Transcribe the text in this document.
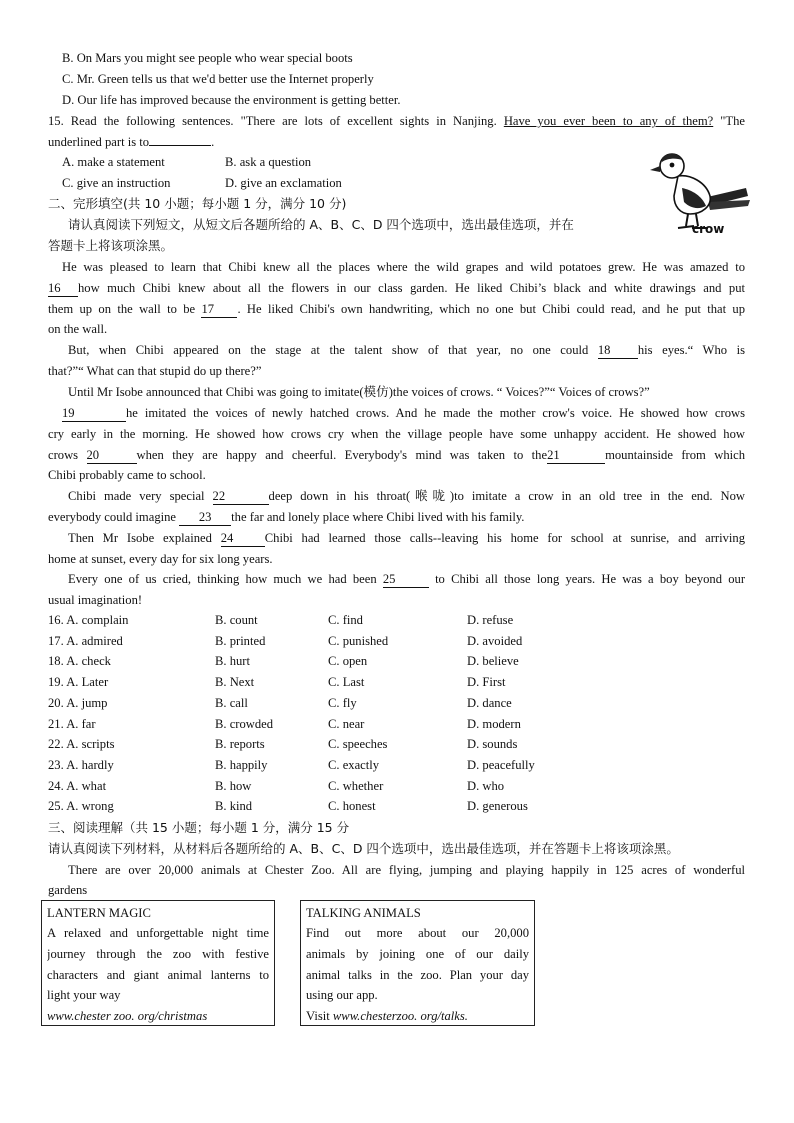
B. On Mars you might see people who wear special boots
C. Mr. Green tells us that we'd better use the Internet properly
D. Our life has improved because the environment is getting better.
15. Read the following sentences. "There are lots of excellent sights in Nanjing. Have you ever been to any of them? "The
underlined part is to	.
A. make a statement	B. ask a question
C. give an instruction	D. give an exclamation
二、完形填空(共 10 小题；每小题 1 分，满分 10 分)
请认真阅读下列短文，从短文后各题所给的 A、B、C、D 四个选项中，选出最佳选项，并在
答题卡上将该项涂黑。
crow
He was pleased to learn that Chibi knew all the places where the wild grapes and wild potatoes grew. He was amazed to
16 how much Chibi knew about all the flowers in our class garden. He liked Chibi’s black and white drawings and put
them up on the wall to be 17 . He liked Chibi's own handwriting, which no one but Chibi could read, and he put that up
on the wall.
But, when Chibi appeared on the stage at the talent show of that year, no one could 18 his eyes.“ Who is
that?”“ What can that stupid do up there?”
Until Mr Isobe announced that Chibi was going to imitate(模仿)the voices of crows. “ Voices?”“ Voices of crows?”
19	he imitated the voices of newly hatched crows. And he made the mother crow's voice. He showed how crows
cry early in the morning. He showed how crows cry when the village people have some unhappy accident. He showed how
crows 20	when they are happy and cheerful. Everybody's mind was taken to the21	mountainside from which
Chibi probably came to school.
Chibi made very special 22	deep down in his throat(喉咙)to imitate a crow in an old tree in the end. Now
everybody could imagine 23 the far and lonely place where Chibi lived with his family.
Then Mr Isobe explained 24 Chibi had learned those calls--leaving his home for school at sunrise, and arriving
home at sunset, every day for six long years.
Every one of us cried, thinking how much we had been 25	to Chibi all those long years. He was a boy beyond our
usual imagination!
16. A. complain	B. count	C. find	D. refuse
17. A. admired	B. printed	C. punished	D. avoided
18. A. check	B. hurt	C. open	D. believe
19. A. Later	B. Next	C. Last	D. First
20. A. jump	B. call	C. fly	D. dance
21. A. far	B. crowded	C. near	D. modern
22. A. scripts	B. reports	C. speeches	D. sounds
23. A. hardly	B. happily	C. exactly	D. peacefully
24. A. what	B. how	C. whether	D. who
25. A. wrong	B. kind	C. honest	D. generous
三、阅读理解（共 15 小题；每小题 1 分，满分 15 分
请认真阅读下列材料，从材料后各题所给的 A、B、C、D 四个选项中，选出最佳选项，并在答题卡上将该项涂黑。
There are over 20,000 animals at Chester Zoo. All are flying, jumping and playing happily in 125 acres of wonderful
gardens
LANTERN MAGIC
A relaxed and unforgettable night time
journey through the zoo with festive
characters and giant animal lanterns to
light your way
www.chester zoo. org/christmas
TALKING ANIMALS
Find out more about our 20,000
animals by joining one of our daily
animal talks in the zoo. Plan your day
using our app.
Visit www.chesterzoo. org/talks.
